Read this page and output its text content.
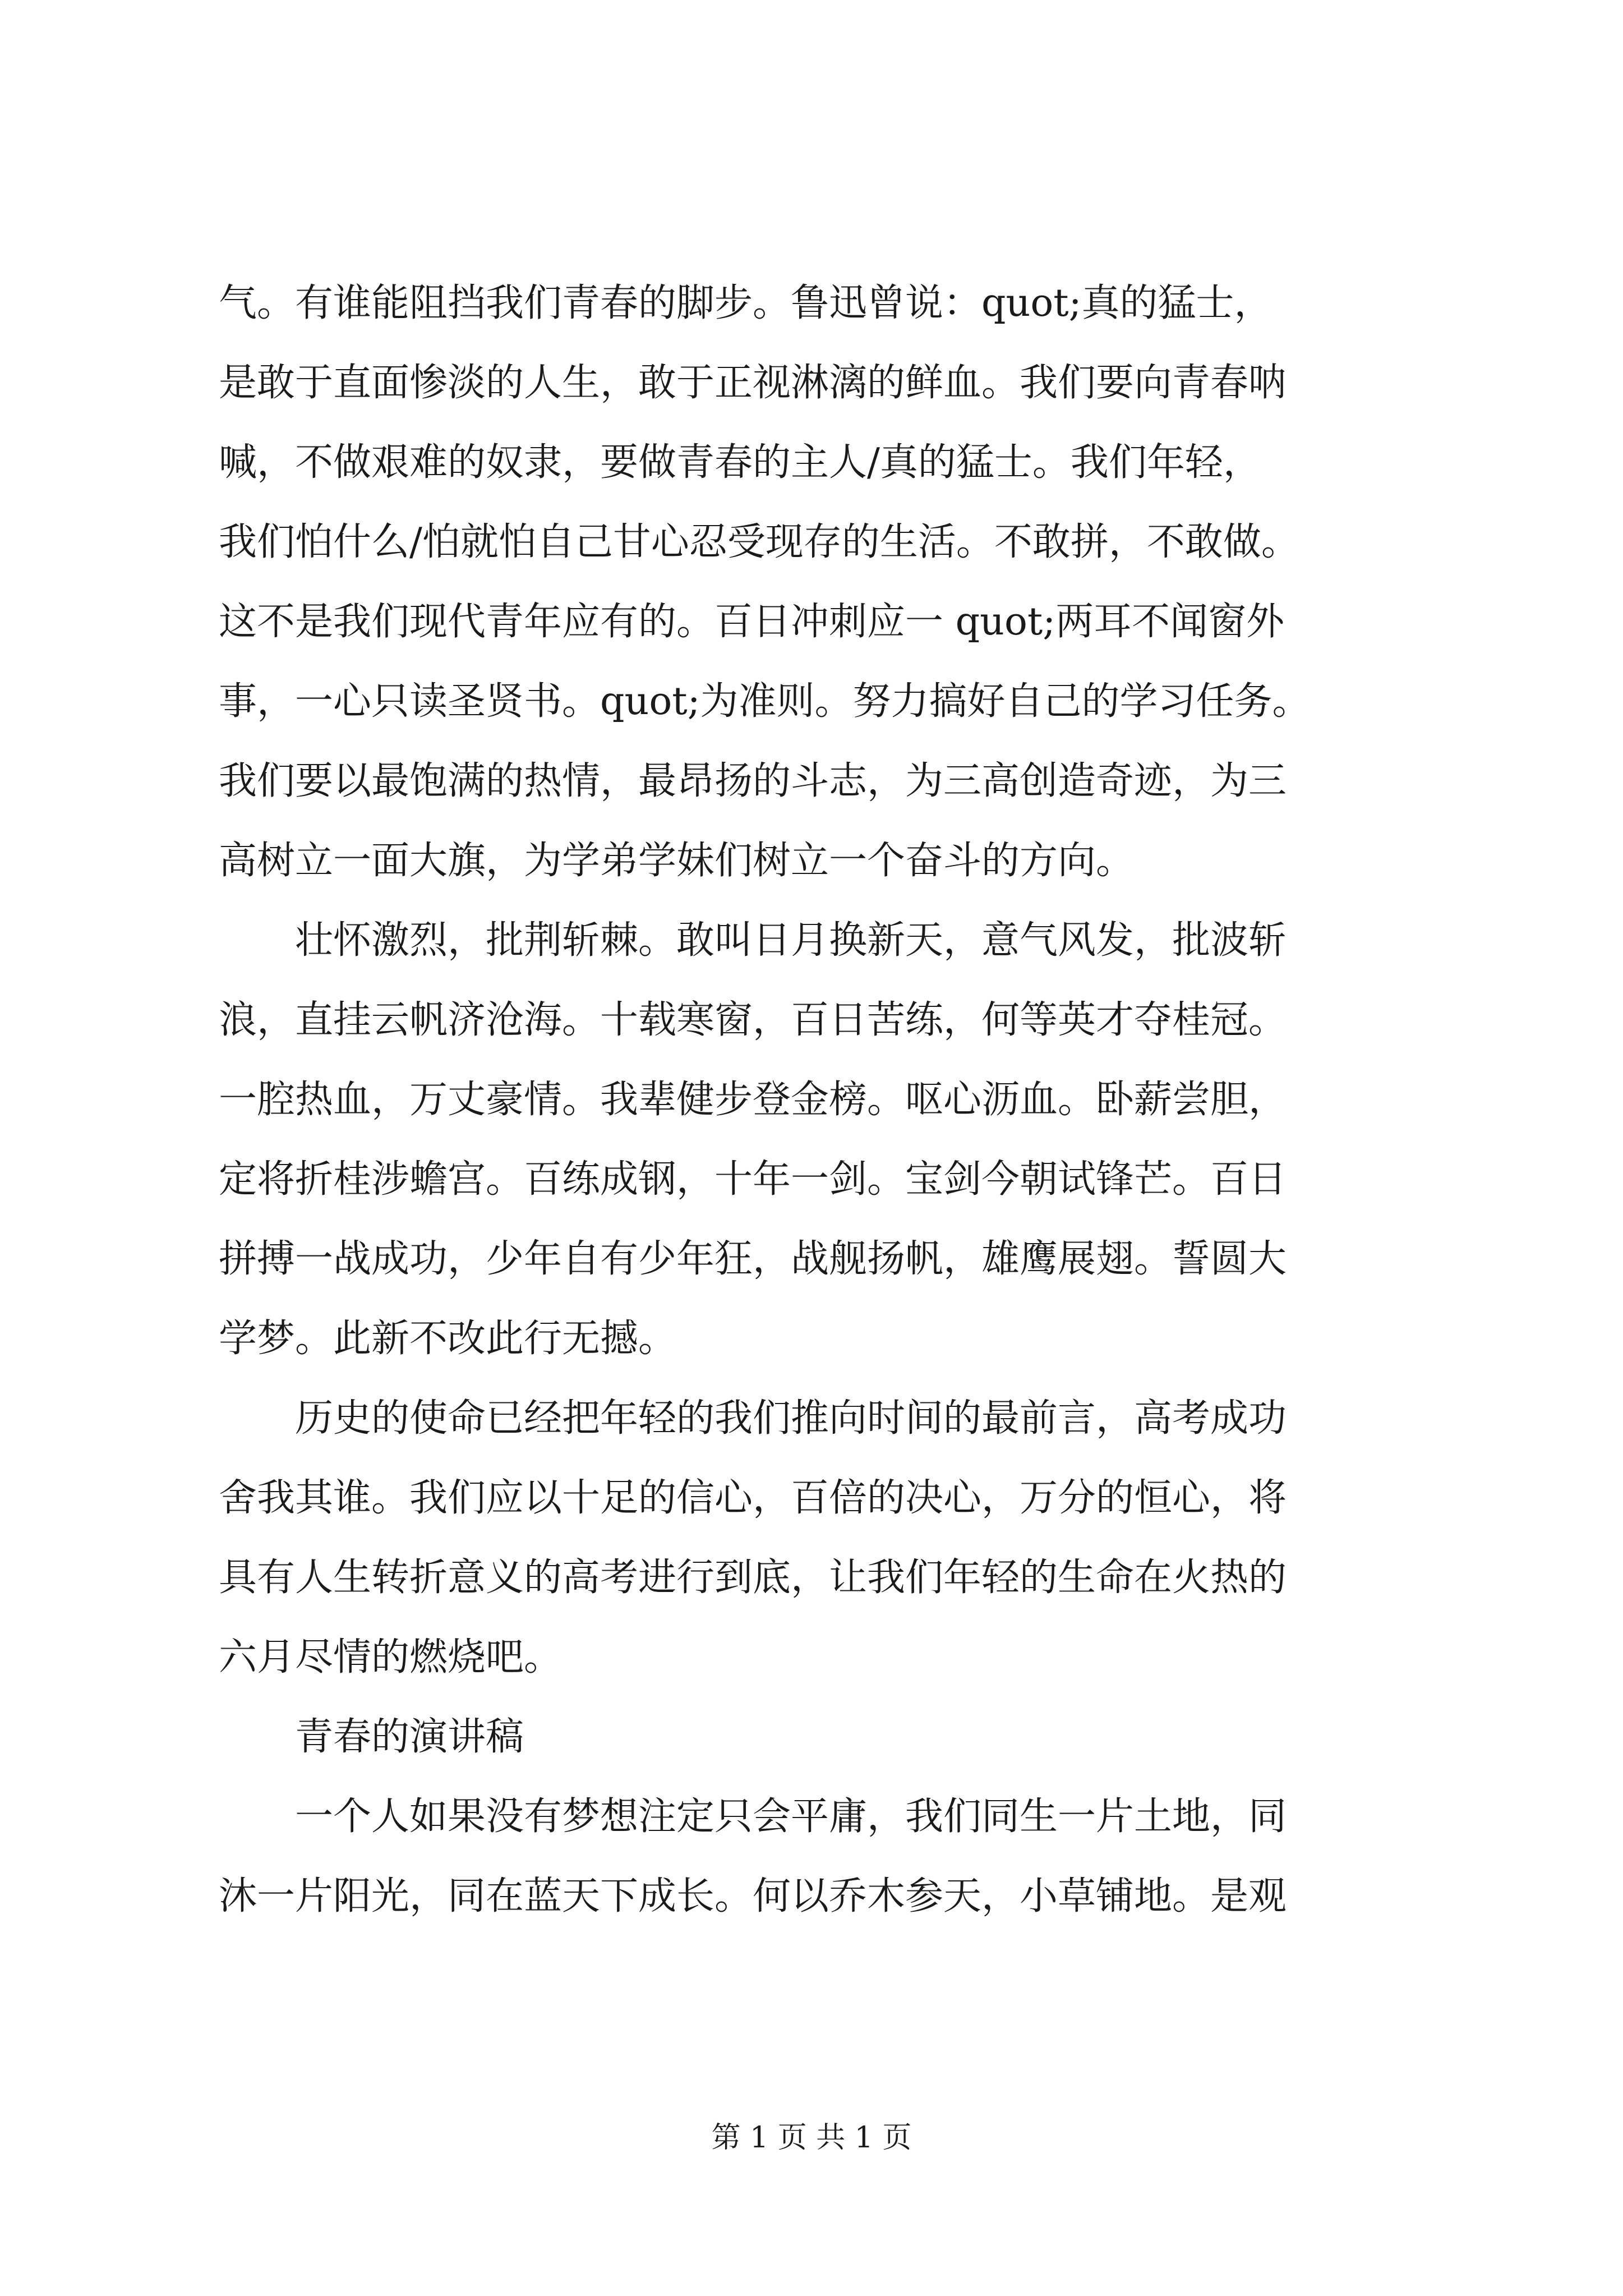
气。有谁能阻挡我们青春的脚步。鲁迅曾说：quot;真的猛士，
是敢于直面惨淡的人生，敢于正视淋漓的鲜血。我们要向青春呐
喊，不做艰难的奴隶，要做青春的主人/真的猛士。我们年轻，
我们怕什么/怕就怕自己甘心忍受现存的生活。不敢拼，不敢做。
这不是我们现代青年应有的。百日冲刺应一 quot;两耳不闻窗外
事，一心只读圣贤书。quot;为准则。努力搞好自己的学习任务。
我们要以最饱满的热情，最昂扬的斗志，为三高创造奇迹，为三
高树立一面大旗，为学弟学妹们树立一个奋斗的方向。
壮怀激烈，批荆斩棘。敢叫日月换新天，意气风发，批波斩
浪，直挂云帆济沧海。十载寒窗，百日苦练，何等英才夺桂冠。
一腔热血，万丈豪情。我辈健步登金榜。呕心沥血。卧薪尝胆，
定将折桂涉蟾宫。百练成钢，十年一剑。宝剑今朝试锋芒。百日
拼搏一战成功，少年自有少年狂，战舰扬帆，雄鹰展翅。誓圆大
学梦。此新不改此行无撼。
历史的使命已经把年轻的我们推向时间的最前言，高考成功
舍我其谁。我们应以十足的信心，百倍的决心，万分的恒心，将
具有人生转折意义的高考进行到底，让我们年轻的生命在火热的
六月尽情的燃烧吧。
青春的演讲稿
一个人如果没有梦想注定只会平庸，我们同生一片土地，同
沐一片阳光，同在蓝天下成长。何以乔木参天，小草铺地。是观
第 1 页 共 1 页
